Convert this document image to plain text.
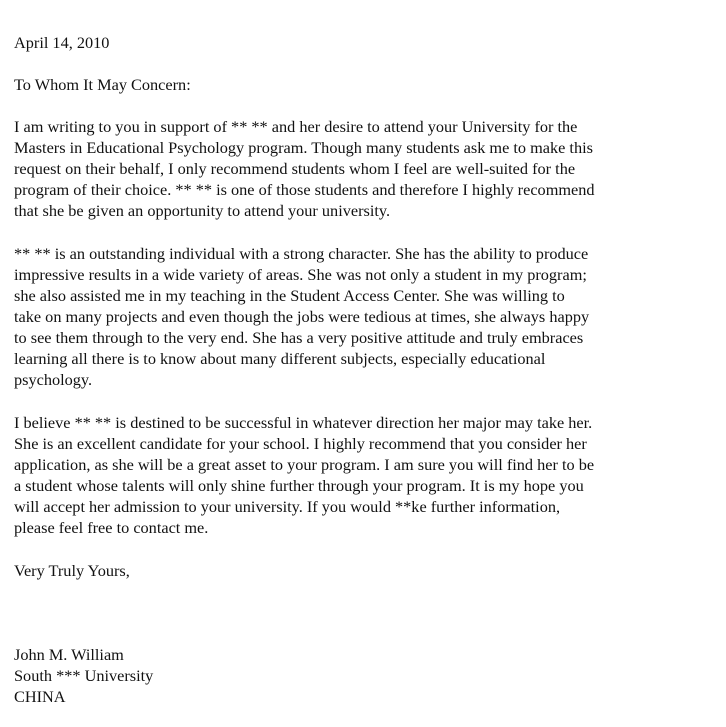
April 14, 2010
To Whom It May Concern:
I am writing to you in support of ** ** and her desire to attend your University for the
Masters in Educational Psychology program. Though many students ask me to make this
request on their behalf, I only recommend students whom I feel are well-suited for the
program of their choice. ** ** is one of those students and therefore I highly recommend
that she be given an opportunity to attend your university.
** ** is an outstanding individual with a strong character. She has the ability to produce
impressive results in a wide variety of areas. She was not only a student in my program;
she also assisted me in my teaching in the Student Access Center. She was willing to
take on many projects and even though the jobs were tedious at times, she always happy
to see them through to the very end. She has a very positive attitude and truly embraces
learning all there is to know about many different subjects, especially educational
psychology.
I believe ** ** is destined to be successful in whatever direction her major may take her.
She is an excellent candidate for your school. I highly recommend that you consider her
application, as she will be a great asset to your program. I am sure you will find her to be
a student whose talents will only shine further through your program. It is my hope you
will accept her admission to your university. If you would **ke further information,
please feel free to contact me.
Very Truly Yours,
John M. William
South *** University
CHINA
